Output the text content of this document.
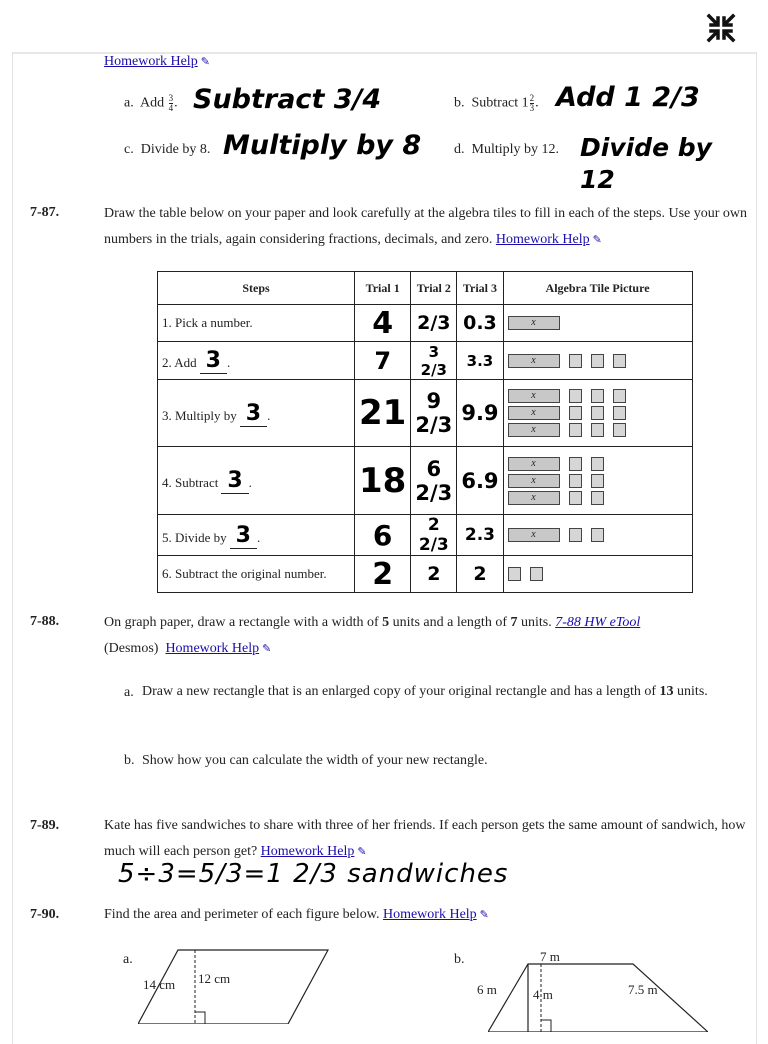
Homework Help ✎
a. Add $\frac{3}{4}$ . Subtract 3/4	b. Subtract $1 \frac{2}{3}$ . Add 1 2/3
c. Divide by 8. Multiply by 8 d. Multiply by 12. Divide by 12
7-87.	Draw the table below on your paper and look carefully at the algebra tiles to fill in each of the steps. Use your own numbers in the trials, again considering fractions, decimals, and zero. Homework Help ✎
Steps	Trial 1	Trial 2	Trial 3	Algebra Tile Picture
1. Pick a number.	4	2/3	0.3	x

2. Add 3 .	7	3 2/3	3.3	x

3. Multiply by 3 .	21	9 2/3	9.9	x
x
x

4. Subtract 3 .	18	6 2/3	6.9	x
x
x

5. Divide by 3 .	6	2 2/3	2.3	x

6. Subtract the original number.	2	2	2	
7-88.	On graph paper, draw a rectangle with a width of 5 units and a length of 7 units. 7-88 HW eTool
(Desmos) Homework Help ✎
a. Draw a new rectangle that is an enlarged copy of your original rectangle and has a length of 13 units.
b. Show how you can calculate the width of your new rectangle.
7-89.	Kate has five sandwiches to share with three of her friends. If each person gets the same amount of sandwich, how much will each person get? Homework Help ✎
5÷3=5/3=1 2/3 sandwiches
7-90.	Find the area and perimeter of each figure below. Homework Help ✎
a.
14 cm 12 cm
b.	7 m
6 m	4 m	7.5 m
